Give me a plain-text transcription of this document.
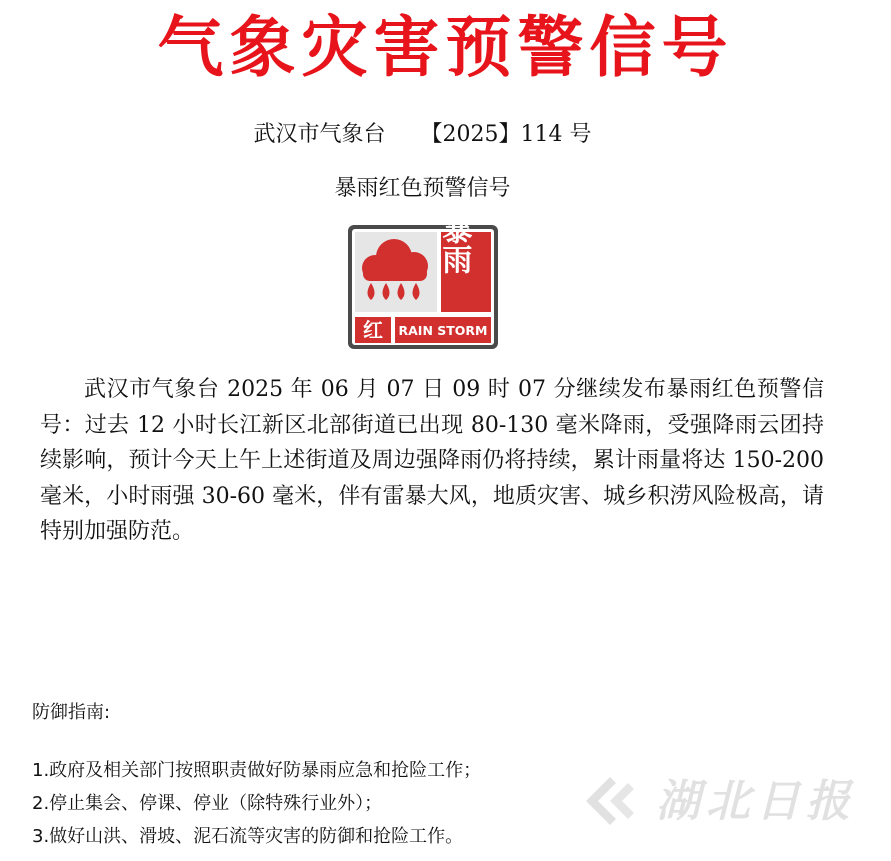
气象灾害预警信号
武汉市气象台 【2025】114 号
暴雨红色预警信号
暴雨
红 RAIN STORM

武汉市气象台 2025 年 06 月 07 日 09 时 07 分继续发布暴雨红色预警信号：过去 12 小时长江新区北部街道已出现 80-130 毫米降雨，受强降雨云团持续影响，预计今天上午上述街道及周边强降雨仍将持续，累计雨量将达 150-200 毫米，小时雨强 30-60 毫米，伴有雷暴大风，地质灾害、城乡积涝风险极高，请特别加强防范。

防御指南:
1.政府及相关部门按照职责做好防暴雨应急和抢险工作；
2.停止集会、停课、停业（除特殊行业外）；
3.做好山洪、滑坡、泥石流等灾害的防御和抢险工作。
湖北日报
